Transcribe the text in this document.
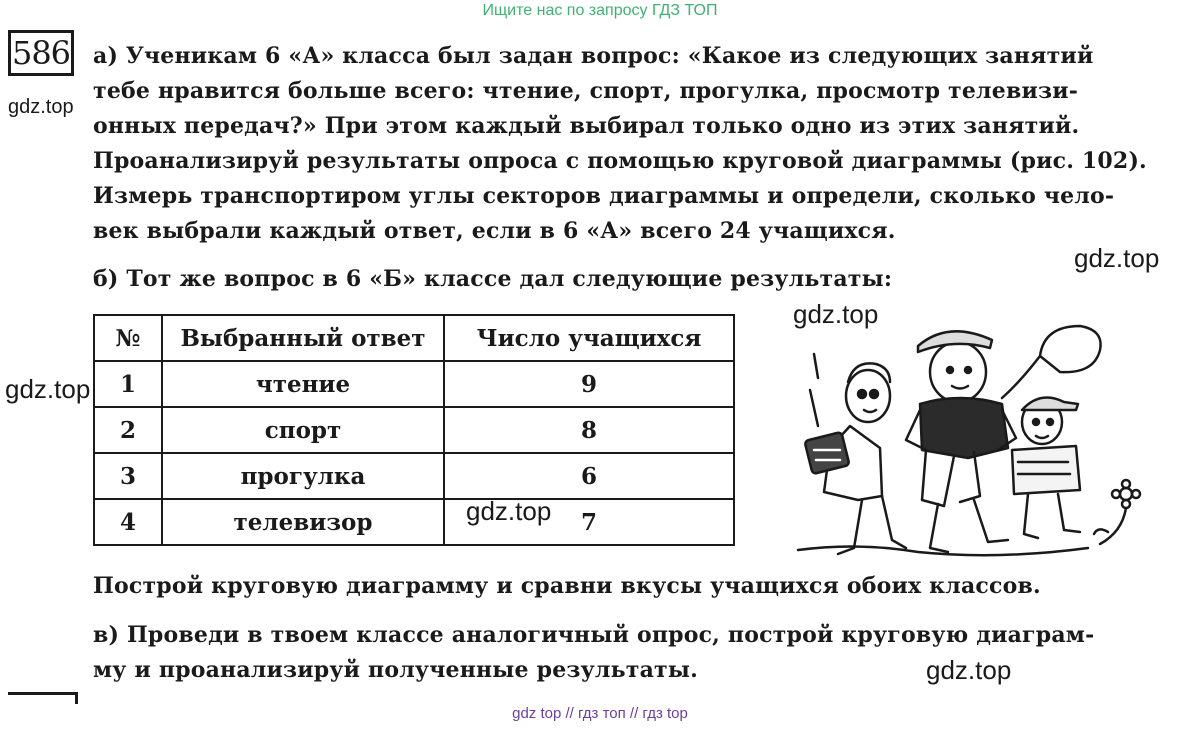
Ищите нас по запросу ГДЗ ТОП
586
gdz.top
gdz.top
gdz.top
gdz.top
gdz.top
gdz.top
а) Ученикам 6 «А» класса был задан вопрос: «Какое из следующих занятий
тебе нравится больше всего: чтение, спорт, прогулка, просмотр телевизи-
онных передач?» При этом каждый выбирал только одно из этих занятий.
Проанализируй результаты опроса с помощью круговой диаграммы (рис. 102).
Измерь транспортиром углы секторов диаграммы и определи, сколько чело-
век выбрали каждый ответ, если в 6 «А» всего 24 учащихся.
б) Тот же вопрос в 6 «Б» классе дал следующие результаты:
№	Выбранный ответ	Число учащихся
1	чтение	9
2	спорт	8
3	прогулка	6
4	телевизор	7
Построй круговую диаграмму и сравни вкусы учащихся обоих классов.
в) Проведи в твоем классе аналогичный опрос, построй круговую диаграм-
му и проанализируй полученные результаты.
gdz top // гдз топ // гдз top
